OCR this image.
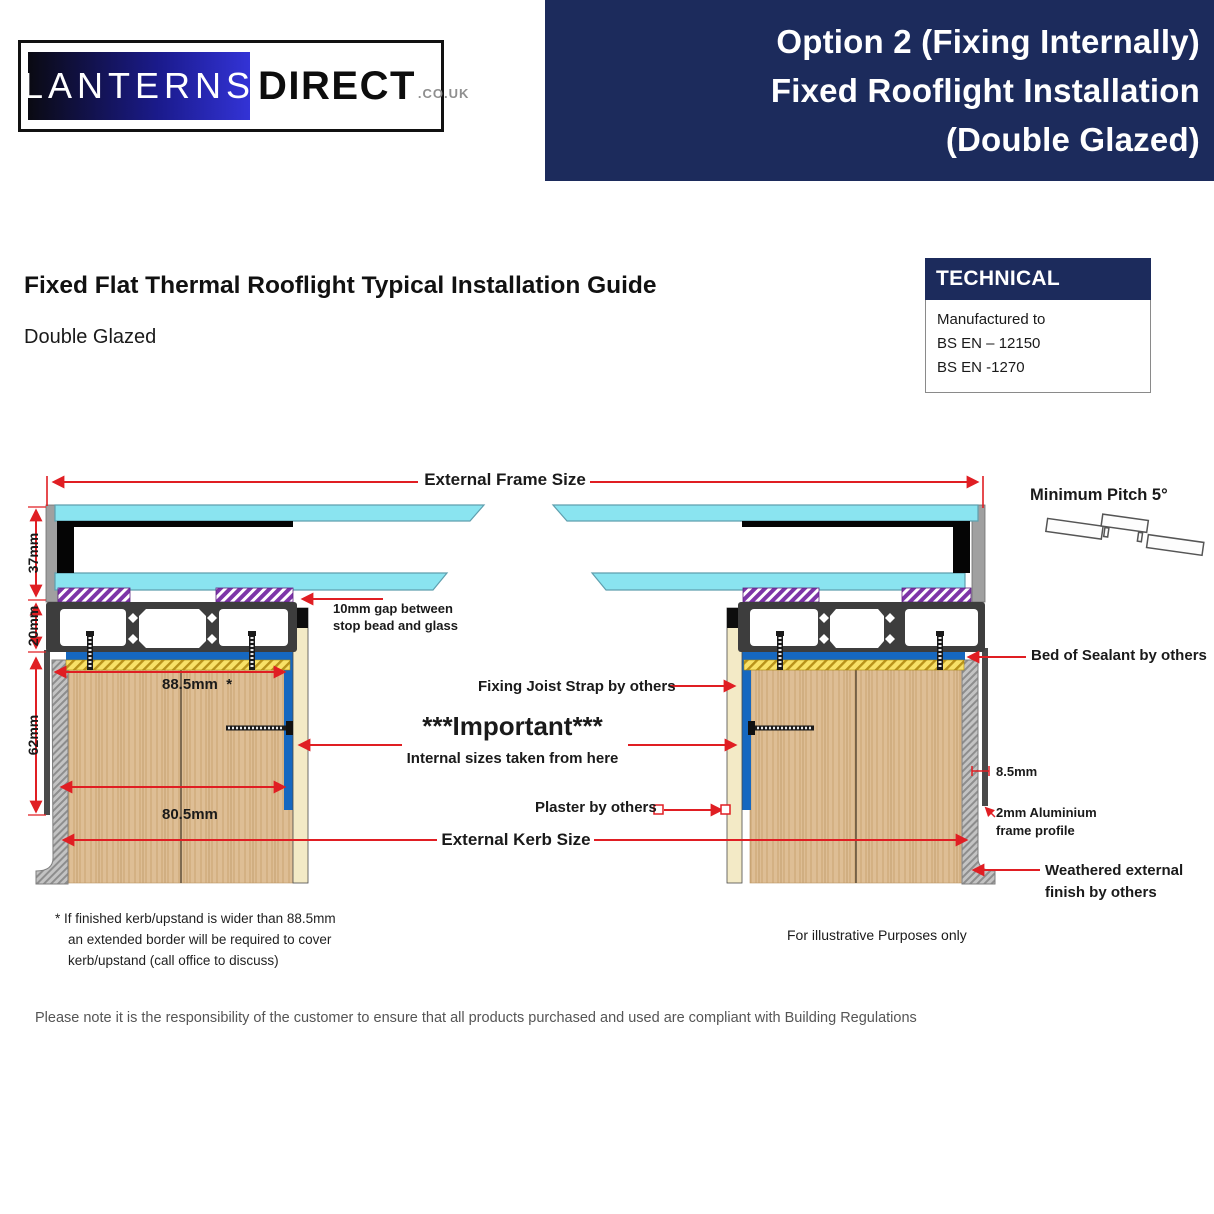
Option 2 (Fixing Internally)
Fixed Rooflight Installation
(Double Glazed)
LANTERNS DIRECT .CO.UK
Fixed Flat Thermal Rooflight Typical Installation Guide
Double Glazed
TECHNICAL
Manufactured to
BS EN – 12150
BS EN -1270
External Frame Size
Minimum Pitch 5°
37mm
20mm
62mm
88.5mm  *
80.5mm
10mm gap between
stop bead and glass
Fixing Joist Strap by others
***Important***
Internal sizes taken from here
Plaster by others
External Kerb Size
Bed of Sealant by others
8.5mm
2mm Aluminium
frame profile
Weathered external
finish by others
* If finished kerb/upstand is wider than 88.5mm
an extended border will be required to cover
kerb/upstand (call office to discuss)
For illustrative Purposes only
Please note it is the responsibility of the customer to ensure that all products purchased and used are compliant with Building Regulations
